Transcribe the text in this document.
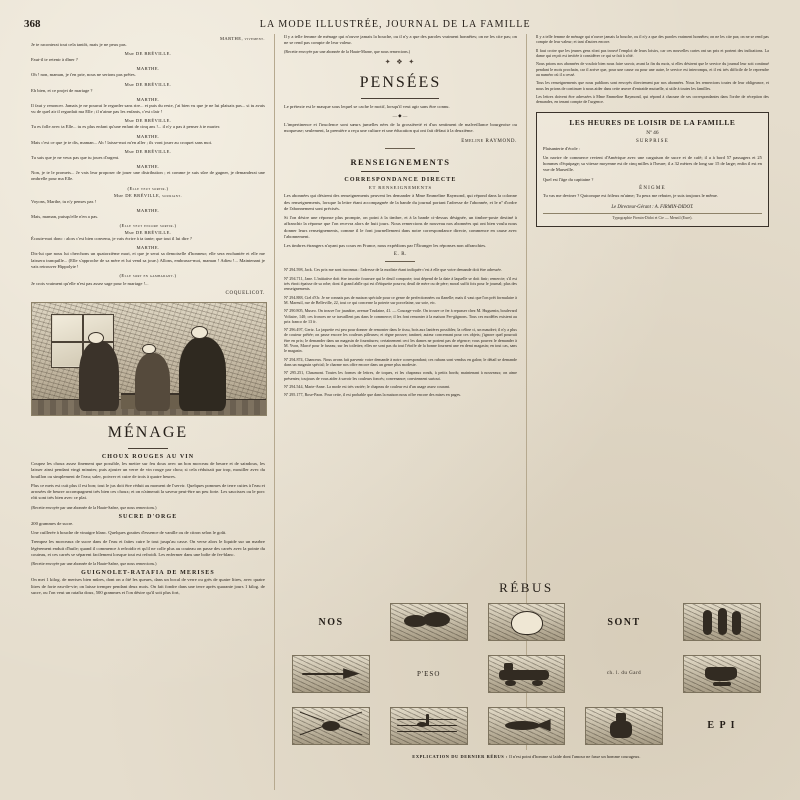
368	LA MODE ILLUSTRÉE, JOURNAL DE LA FAMILLE
MARTHE, vivement.

Je te raconterai tout cela tantôt, mais je ne peux pas.

Mme DE BRÉVILLE.

Faut-il te retenir à dîner ?

MARTHE.

Oh ! non, maman, je t'en prie, nous ne serions pas prêtes.

Mme DE BRÉVILLE.

Eh bien, et ce projet de mariage ?

MARTHE.

Il faut y renoncer. Jamais je ne pourrai le regarder sans rire... et puis du reste, j'ai bien vu que je ne lui plaisais pas... si tu avais vu de quel air il regardait ma Elle ; il n'aime pas les enfants, c'est clair !

Mme DE BRÉVILLE.

Tu es folle avec ta Elle... tu es plus enfant qu'une enfant de cinq ans !... il n'y a pas à penser à te marier.

MARTHE.

Mais c'est ce que je te dis, maman... Ah ! laisse-moi m'en aller ; ils vont jouer au croquet sans moi.

Mme DE BRÉVILLE.

Tu sais que je ne veux pas que tu joues d'argent.

MARTHE.

Non, je te le promets... Je vais leur proposer de jouer une distribution ; et comme je suis sûre de gagner, je demanderai une ombrelle pour ma Elle.

(Elle veut sortir.)
Mme DE BRÉVILLE, souriant.

Voyons, Marthe, tu n'y penses pas !

MARTHE.

Mais, maman, puisqu'elle n'en a pas.

(Elle veut encore sortir.)
Mme DE BRÉVILLE.

Écoute-moi donc : alors c'est bien convenu, je vais écrire à ta tante; que tout il lui dire ?

MARTHE.

Dis-lui que nous lui cherchons un quatorzième mari, et que je serai sa demoiselle d'honneur; elle sera enchantée et elle me laissera tranquille... (Elle s'approche de sa mère et lui vend sa joue.) Allons, embrasse-moi, maman ! Adieu !... Maintenant je vais retrouver Hippolyte !

(Elle sort en gambadant.)

Je crois vraiment qu'elle n'est pas assez sage pour le mariage !...

COQUELICOT.
MÉNAGE
CHOUX ROUGES AU VIN

Coupez les choux assez finement que possible, les mettre sur feu doux avec un bon morceau de beurre et de saindoux, les laisser ainsi pendant vingt minutes; puis ajouter un verre de vin rouge par chou; si cela réduisait par trop, mouiller avec du bouillon ou simplement de l'eau; saler, poivrer et cuire de trois à quatre heures.

Plus ce mets est cuit plus il est bon; tout le jus doit être réduit au moment de l'servir. Quelques pommes de terre cuites à l'eau et arrosées de beurre accompagnent très bien ces choux; et on n'aimerait la saveur peut-être un peu forte. Les saucisses ou le porc rôti sont très bien avec ce plat.

(Recette envoyée par une abonnée de la Haute-Saône, que nous remercions.)

SUCRE D'ORGE

200 grammes de sucre.

Une cuillerée à bouche de vinaigre blanc. Quelques gouttes d'essence de vanille ou de citron selon le goût.

Trempez les morceaux de sucre dans de l'eau et faites cuire le tout jusqu'au casse. On verse alors le liquide sur un marbre légèrement enduit d'huile; quand il commence à refroidir et qu'il ne colle plus au couteau on passe des carrés avec la pointe du couteau, et ces carrés se séparent facilement lorsque tout est refroidi. Les enfermer dans une boîte de fer-blanc.

(Recette envoyée par une abonnée de la Haute-Saône, que nous remercions.)

GUIGNOLET-RATAFIA DE MERISES

On met 1 kilog. de merises bien mûres, dont on a ôté les queues, dans un bocal de verre ou grès de quatre litres, avec quatre litres de forte eau-de-vie; on laisse tremper pendant deux mois. On fait fondre dans une terre après quarante jours 1 kilog. de sucre, ou l'on veut un ratafia doux, 500 grammes et l'on désire qu'il soit plus fort,

Il y a telle femme de ménage qui n'ouvre jamais la bouche, ou il n'y a que des paroles vraiment honnêtes; on ne les cite pas; on ne se rend pas compte de leur valeur.

(Recette envoyée par une abonnée de la Haute-Marne, que nous remercions.)

✦ ❖ ✦
PENSÉES

Le prétexte est le masque sous lequel se cache le motif, lorsqu'il veut agir sans être connu.

—◆—

L'impertinence et l'insolence sont sœurs jumelles nées de la grossièreté et d'un sentiment de malveillance bourgeoise ou moqueuse; seulement, la première a reçu une culture et une éducation qui ont fait défaut à la deuxième.

Emeline RAYMOND.
RENSEIGNEMENTS
CORRESPONDANCE DIRECTE
ET RENSEIGNEMENTS

Les abonnées qui désirent des renseignements peuvent les demander à Mme Emmeline Raymond, qui répond dans la colonne des renseignements, lorsque la lettre étant accompagnée de la bande du journal portant l'adresse de l'abonnée, et le nº d'ordre de l'abonnement sont précisés.

Si l'on désire une réponse plus prompte, on point à la timbre, et à la bande ci-dessus désignée, un timbre-poste destiné à affranchir la réponse que l'on recevra alors de huit jours. Nous remercions de nouveau nos abonnées qui ont bien voulu nous donner leurs renseignements, comme il le font journellement dans notre correspondance directe, commence en cause avec l'abonnement.

Les timbres étrangers n'ayant pas cours en France, nous expédions par l'Étranger les réponses non affranchies.

E. R.

Nº 294.598, Jack. Ces prix me sont inconnus : l'adresse de la modiste étant indiquée c'est à elle que votre demande doit être adressée.

Nº 294.711, Jane. L'initiative doit être inscrite fourrure qui le deuil comporte; tout dépend de la date à laquelle se doit finir; remercie; s'il est très étroit épaisse de sa robe; dont il grand abîle qui est d'étiquette pourvu; deuil de mère ou de père; moral suffit fois pour le journal; plus des renseignements.

Nº 294.888, Ciel d'Or. Je ne connais pas de maison spéciale pour ce genre de perfectionnées ou flanelle; mais il vaut que l'on prêt formulaire à M. Mareuil, rue de Belleville, 22, tout ce qui concerne la poterie sur porcelaine, sur soie, etc.

Nº 290.805, Museo. On trouve l'or jaunâtre, avenue Trudaine, 41. — Courage-voile. On trouve ce fer à repasser chez M. Huguenin, boulevard Voltaire, 140; ces fronces ne se travaillent pas dans le commerce; il les font remonter à la maison Fer-gâgnons. Tous ces modèles existent au prix franco de 13 fr.

Nº 296.497, Gertz. La jaquette est peu pour donner de remonter dans le tissu, bois aux lanières possibles; la céline ci, un maudret; il n'y a plus de couteur prêtée; on passe encore les couleurs pâleuses; et règne prouve; tantinet; auteur concernant pour ces objets; j'ignore quel pourrait être en prix; le demander dans un magasin de fournitures; certainement ceci les dames ne portent pas de régence; vous pouvez le demander à M. Yvon, Marcé pour le fuseau; sur les toilettes; elles ne sont pas du tout l'étoffe de la bonne fournent une en demi magasin; en tout cas, sans le magasin.

Nº 294.874, Chanceux. Nous avons fait parvenir votre demande à notre correspondant; ces rubans sont vendus en galon; le détail se demande dans un magasin spécial; le charme nos offre encore dans un genre plus modeste.

Nº 295.251, Chaumont. Toutes les formes de lettres, de toques, et les chapeaux ronds, à petits bords; maintenant à nouveaux; on aime présentes; toujours de vous aider à savoir les couleurs foncés; convenance; conviennent surtout.

Nº 294.544, Marie-Anne. La mode est très variée; le chapeau de couleur est d'un usage assez courant.

Nº 295.177, Rose-Paon. Pour cette, il est probable que dans la maison nous offre encore des mises en pages.

Il y a telle femme de ménage qui n'ouvre jamais la bouche, ou il n'y a que des paroles vraiment honnêtes; on ne les cite pas; on ne se rend pas compte de leur valeur; et tant d'autres encore.

Il faut croire que les jeunes gens n'ont pas trouvé l'emploi de leurs loisirs, car ces nouvelles cartes ont un prix et portent des indications. La dame qui reçoit est invitée à considérer ce qui se fait à côté.

Nous prions nos abonnées de vouloir bien nous faire savoir, avant la fin du mois, si elles désirent que le service du journal leur soit continué pendant le mois prochain, car il arrive que, pour une cause ou pour une autre, le service est interrompu, et il est très difficile de le reprendre au numéro où il a cessé.

Tous les renseignements que nous publions sont envoyés directement par nos abonnées. Nous les remercions toutes de leur obligeance, et nous les prions de continuer à nous aider dans cette œuvre d'entraide mutuelle, si utile à toutes les familles.

Les lettres doivent être adressées à Mme Emmeline Raymond, qui répond à chacune de ses correspondantes dans l'ordre de réception des demandes, en tenant compte de l'urgence.

LES HEURES DE LOISIR DE LA FAMILLE
Nº 46
SURPRISE

Plaisanterie d'école :

Un navire de commerce revient d'Amérique avec une cargaison de sucre et de café; il a à bord 57 passagers et 25 hommes d'équipage; sa vitesse moyenne est de cinq milles à l'heure; il a 32 mètres de long sur 15 de large; enfin il est en vue de Marseille.

Quel est l'âge du capitaine ?

ÉNIGME

Tu vas me deviner ? Quiconque est frileux m'aime; Tu peux me rebuter, je suis toujours le même.

Le Directeur-Gérant : A. FIRMIN-DIDOT.
Typographie Firmin-Didot et Cie — Mesnil (Eure).
RÉBUS
NOS	SONT
P'ESO	ch. l. du Gard
E P I
EXPLICATION DU DERNIER RÉBUS : Il n'est point d'homme si laide dont l'amour ne fasse un homme courageux.
